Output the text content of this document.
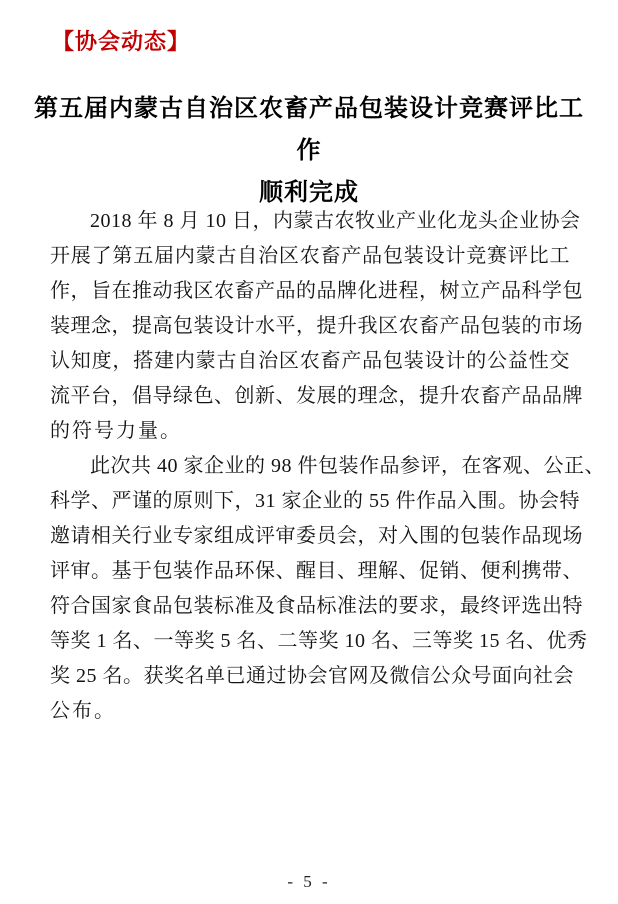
【协会动态】
第五届内蒙古自治区农畜产品包装设计竞赛评比工作
顺利完成
2018 年 8 月 10 日，内蒙古农牧业产业化龙头企业协会
开展了第五届内蒙古自治区农畜产品包装设计竞赛评比工
作，旨在推动我区农畜产品的品牌化进程，树立产品科学包
装理念，提高包装设计水平，提升我区农畜产品包装的市场
认知度，搭建内蒙古自治区农畜产品包装设计的公益性交
流平台，倡导绿色、创新、发展的理念，提升农畜产品品牌
的符号力量。
此次共 40 家企业的 98 件包装作品参评，在客观、公正、
科学、严谨的原则下，31 家企业的 55 件作品入围。协会特
邀请相关行业专家组成评审委员会，对入围的包装作品现场
评审。基于包装作品环保、醒目、理解、促销、便利携带、
符合国家食品包装标准及食品标准法的要求，最终评选出特
等奖 1 名、一等奖 5 名、二等奖 10 名、三等奖 15 名、优秀
奖 25 名。获奖名单已通过协会官网及微信公众号面向社会
公布。
- 5 -
